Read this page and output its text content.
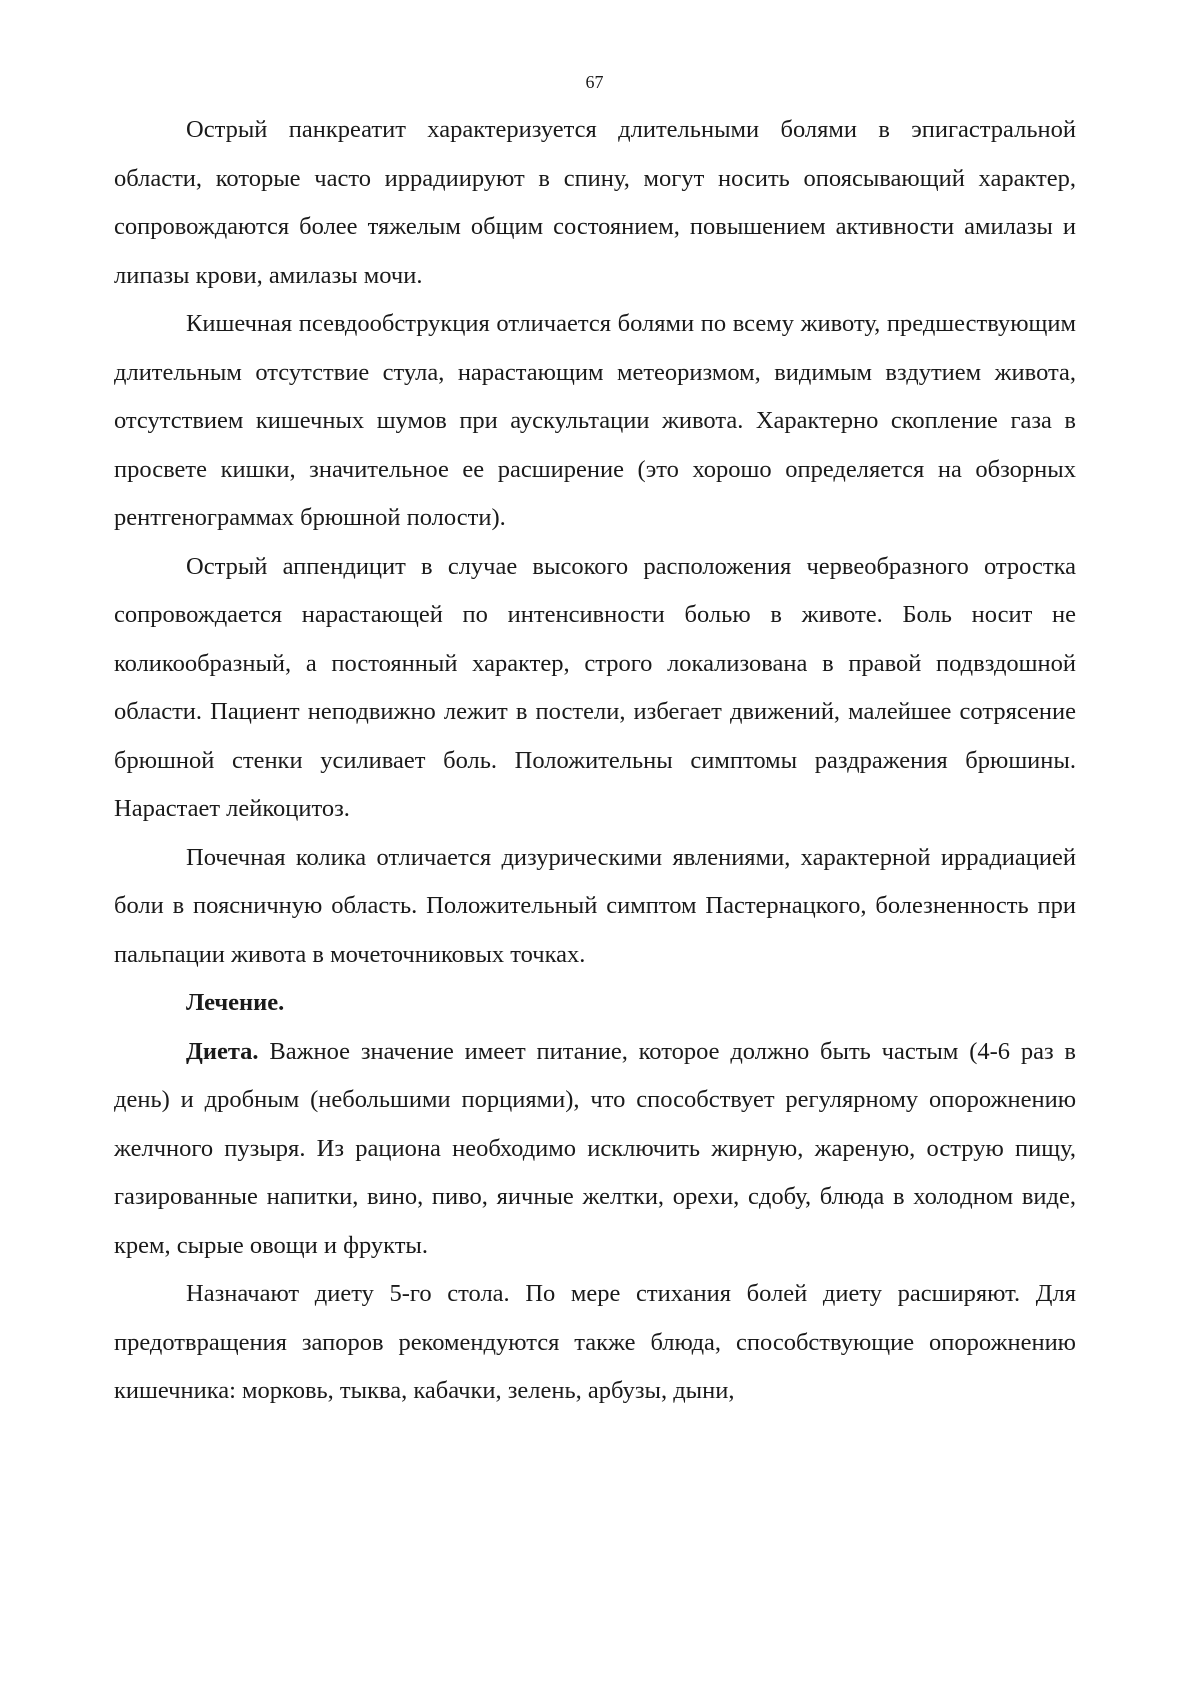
67

Острый панкреатит характеризуется длительными болями в эпигастральной области, которые часто иррадиируют в спину, могут носить опоясывающий характер, сопровождаются более тяжелым общим состоянием, повышением активности амилазы и липазы крови, амилазы мочи.

Кишечная псевдообструкция отличается болями по всему животу, предшествующим длительным отсутствие стула, нарастающим метеоризмом, видимым вздутием живота, отсутствием кишечных шумов при аускультации живота. Характерно скопление газа в просвете кишки, значительное ее расширение (это хорошо определяется на обзорных рентгенограммах брюшной полости).

Острый аппендицит в случае высокого расположения червеобразного отростка сопровождается нарастающей по интенсивности болью в животе. Боль носит не коликообразный, а постоянный характер, строго локализована в правой подвздошной области. Пациент неподвижно лежит в постели, избегает движений, малейшее сотрясение брюшной стенки усиливает боль. Положительны симптомы раздражения брюшины. Нарастает лейкоцитоз.

Почечная колика отличается дизурическими явлениями, характерной иррадиацией боли в поясничную область. Положительный симптом Пастернацкого, болезненность при пальпации живота в мочеточниковых точках.

Лечение.

Диета. Важное значение имеет питание, которое должно быть частым (4-6 раз в день) и дробным (небольшими порциями), что способствует регулярному опорожнению желчного пузыря. Из рациона необходимо исключить жирную, жареную, острую пищу, газированные напитки, вино, пиво, яичные желтки, орехи, сдобу, блюда в холодном виде, крем, сырые овощи и фрукты.

Назначают диету 5-го стола. По мере стихания болей диету расширяют. Для предотвращения запоров рекомендуются также блюда, способствующие опорожнению кишечника: морковь, тыква, кабачки, зелень, арбузы, дыни,
